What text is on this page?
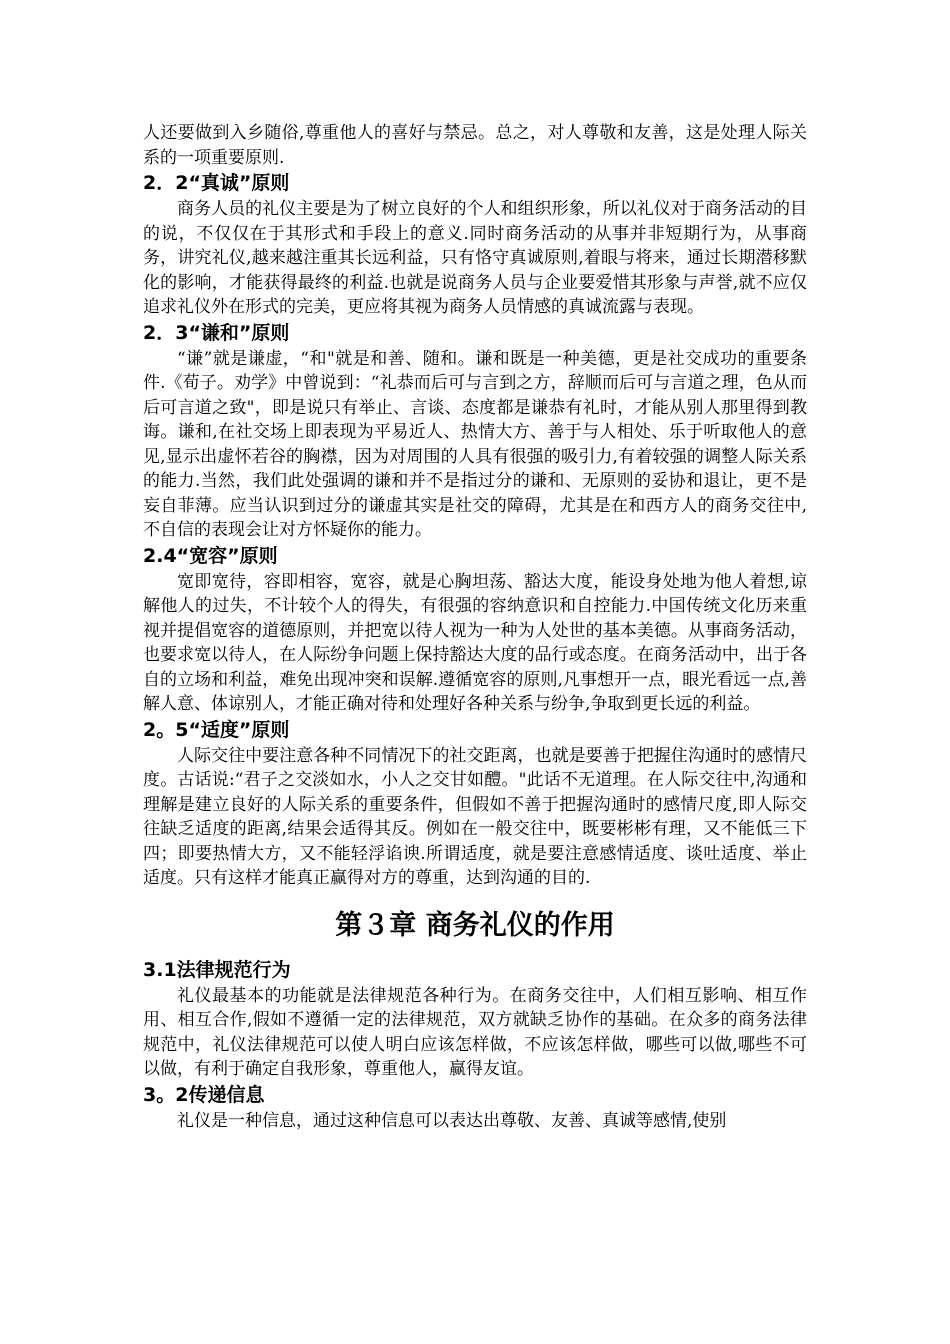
人还要做到入乡随俗,尊重他人的喜好与禁忌。总之，对人尊敬和友善，这是处理人际关系的一项重要原则.

2．2“真诚”原则

商务人员的礼仪主要是为了树立良好的个人和组织形象，所以礼仪对于商务活动的目的说，不仅仅在于其形式和手段上的意义.同时商务活动的从事并非短期行为，从事商务，讲究礼仪,越来越注重其长远利益，只有恪守真诚原则,着眼与将来，通过长期潜移默化的影响，才能获得最终的利益.也就是说商务人员与企业要爱惜其形象与声誉,就不应仅追求礼仪外在形式的完美，更应将其视为商务人员情感的真诚流露与表现。

2．3“谦和”原则

“谦”就是谦虚，“和"就是和善、随和。谦和既是一种美德，更是社交成功的重要条件.《荀子。劝学》中曾说到：“礼恭而后可与言到之方，辞顺而后可与言道之理，色从而后可言道之致"，即是说只有举止、言谈、态度都是谦恭有礼时，才能从别人那里得到教诲。谦和,在社交场上即表现为平易近人、热情大方、善于与人相处、乐于听取他人的意见,显示出虚怀若谷的胸襟，因为对周围的人具有很强的吸引力,有着较强的调整人际关系的能力.当然，我们此处强调的谦和并不是指过分的谦和、无原则的妥协和退让，更不是妄自菲薄。应当认识到过分的谦虚其实是社交的障碍，尤其是在和西方人的商务交往中,不自信的表现会让对方怀疑你的能力。

2.4“宽容”原则

宽即宽待，容即相容，宽容，就是心胸坦荡、豁达大度，能设身处地为他人着想,谅解他人的过失，不计较个人的得失，有很强的容纳意识和自控能力.中国传统文化历来重视并提倡宽容的道德原则，并把宽以待人视为一种为人处世的基本美德。从事商务活动，也要求宽以待人，在人际纷争问题上保持豁达大度的品行或态度。在商务活动中，出于各自的立场和利益，难免出现冲突和误解.遵循宽容的原则,凡事想开一点，眼光看远一点,善解人意、体谅别人，才能正确对待和处理好各种关系与纷争,争取到更长远的利益。

2。5“适度”原则

人际交往中要注意各种不同情况下的社交距离，也就是要善于把握住沟通时的感情尺度。古话说:“君子之交淡如水，小人之交甘如醴。"此话不无道理。在人际交往中,沟通和理解是建立良好的人际关系的重要条件，但假如不善于把握沟通时的感情尺度,即人际交往缺乏适度的距离,结果会适得其反。例如在一般交往中，既要彬彬有理，又不能低三下四；即要热情大方，又不能轻浮谄谀.所谓适度，就是要注意感情适度、谈吐适度、举止适度。只有这样才能真正赢得对方的尊重，达到沟通的目的.

第３章 商务礼仪的作用
3.1法律规范行为

礼仪最基本的功能就是法律规范各种行为。在商务交往中，人们相互影响、相互作用、相互合作,假如不遵循一定的法律规范，双方就缺乏协作的基础。在众多的商务法律规范中，礼仪法律规范可以使人明白应该怎样做，不应该怎样做，哪些可以做,哪些不可以做，有利于确定自我形象，尊重他人，赢得友谊。

3。2传递信息

礼仪是一种信息，通过这种信息可以表达出尊敬、友善、真诚等感情,使别
